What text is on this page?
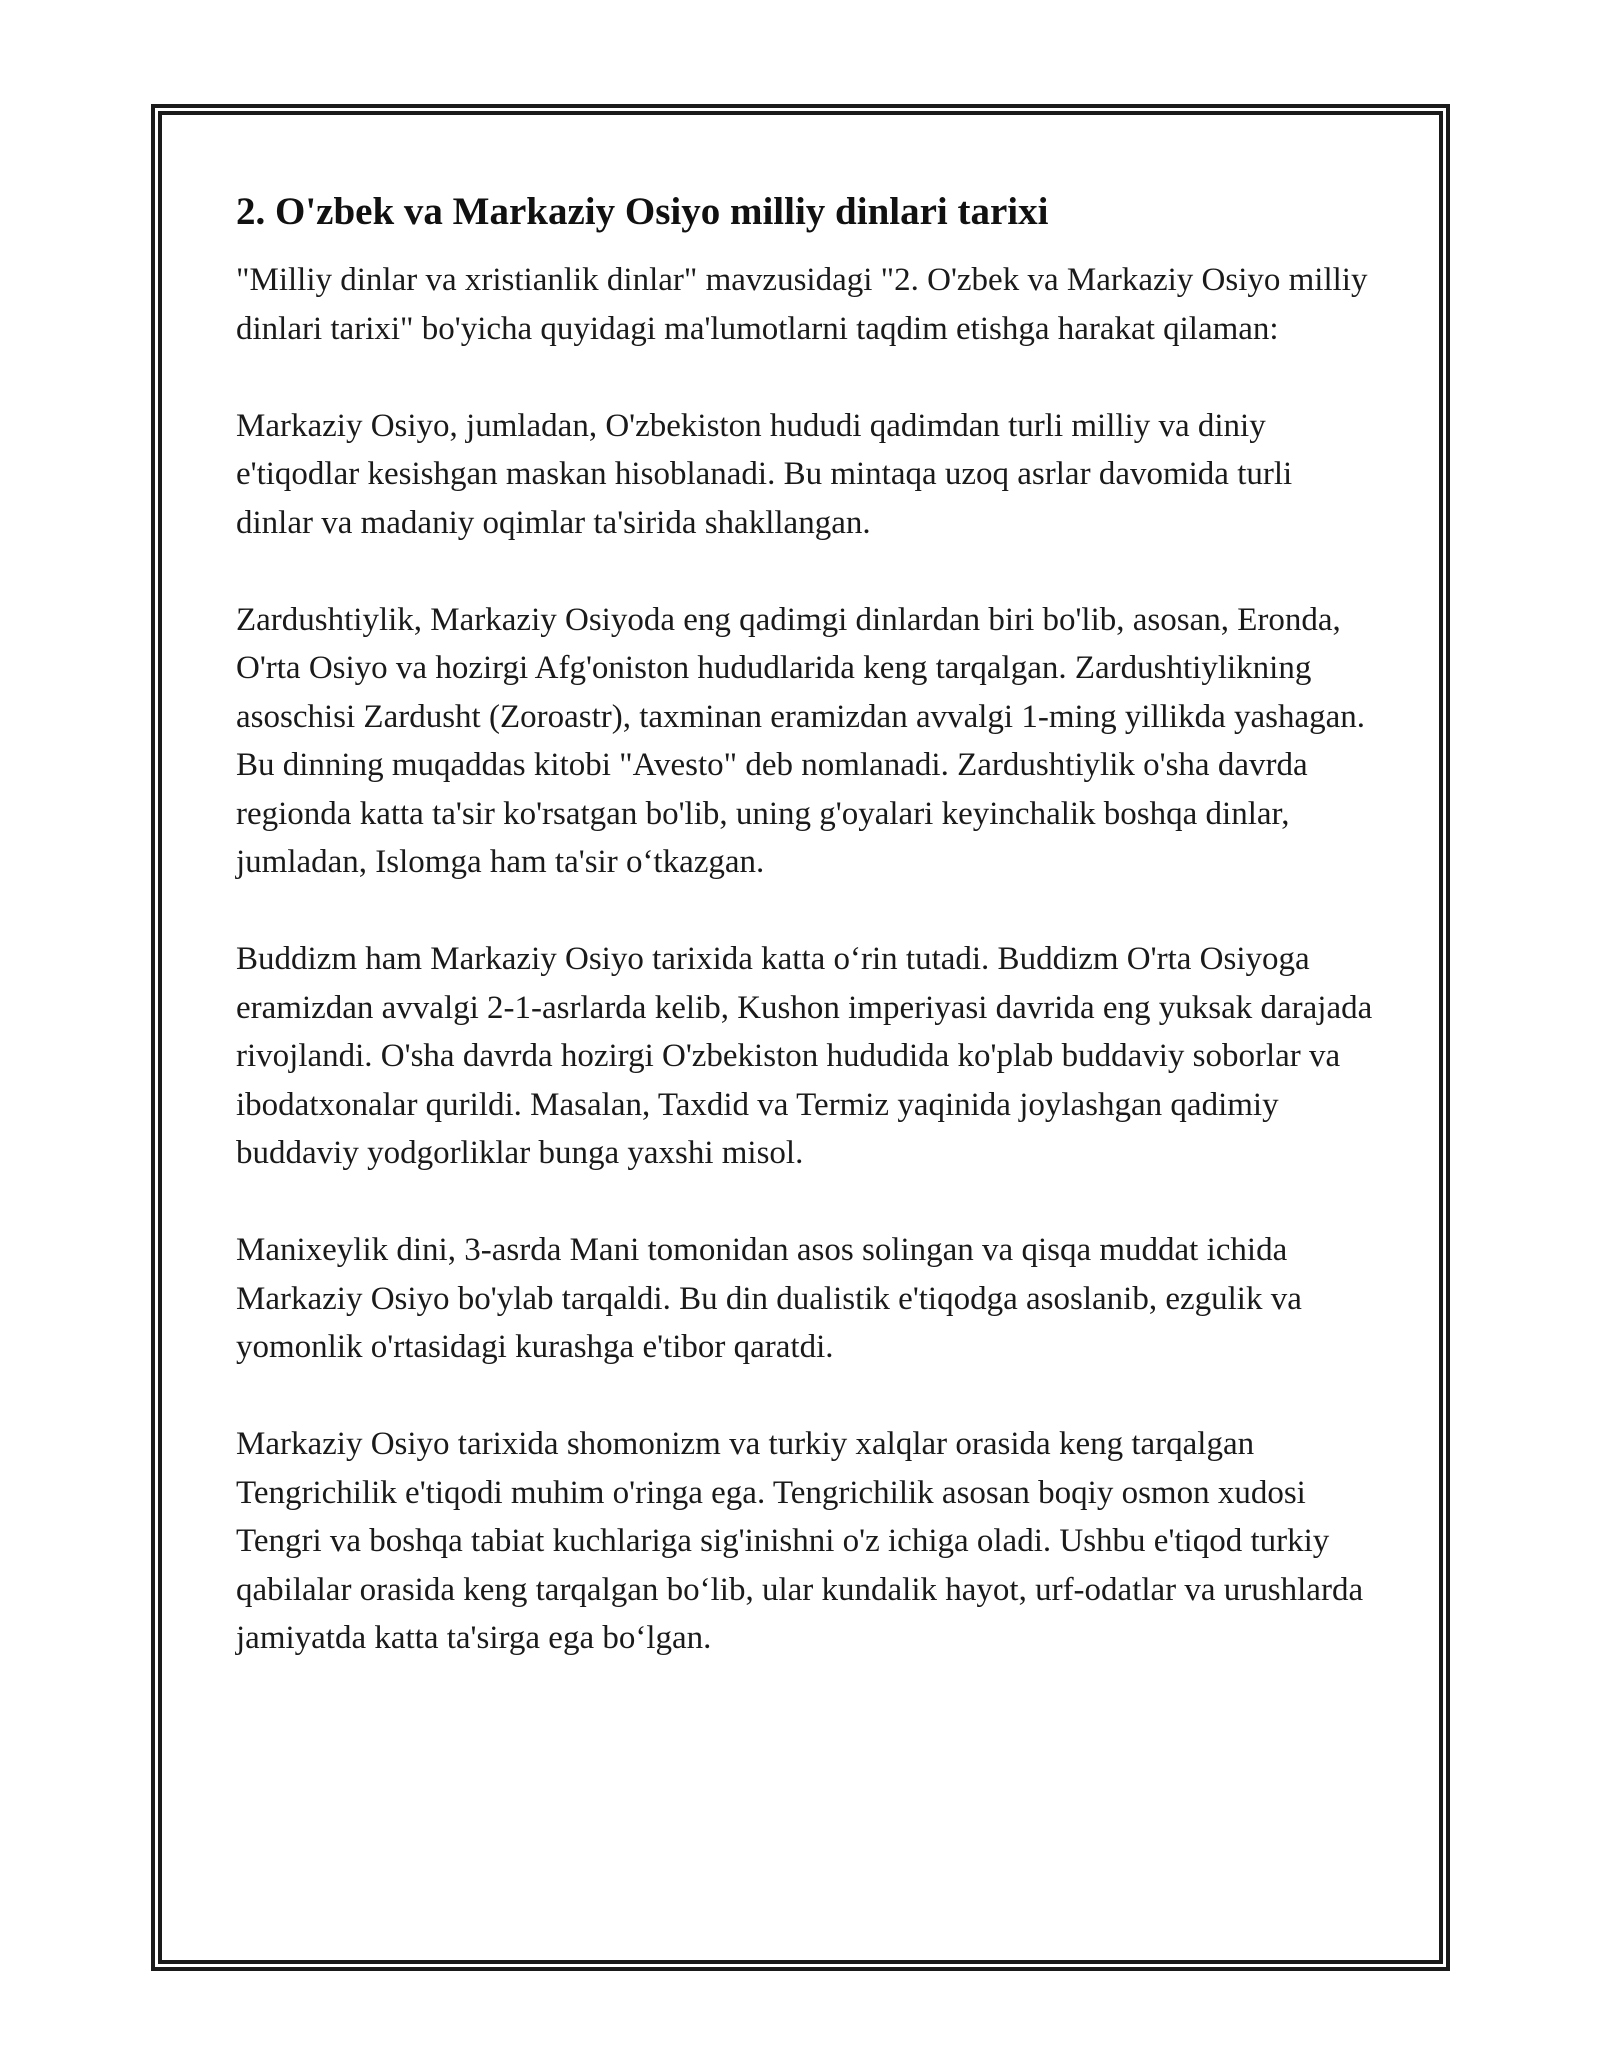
2. O'zbek va Markaziy Osiyo milliy dinlari tarixi

"Milliy dinlar va xristianlik dinlar" mavzusidagi "2. O'zbek va Markaziy Osiyo milliy dinlari tarixi" bo'yicha quyidagi ma'lumotlarni taqdim etishga harakat qilaman:

Markaziy Osiyo, jumladan, O'zbekiston hududi qadimdan turli milliy va diniy e'tiqodlar kesishgan maskan hisoblanadi. Bu mintaqa uzoq asrlar davomida turli dinlar va madaniy oqimlar ta'sirida shakllangan.

Zardushtiylik, Markaziy Osiyoda eng qadimgi dinlardan biri bo'lib, asosan, Eronda, O'rta Osiyo va hozirgi Afg'oniston hududlarida keng tarqalgan. Zardushtiylikning asoschisi Zardusht (Zoroastr), taxminan eramizdan avvalgi 1-ming yillikda yashagan. Bu dinning muqaddas kitobi "Avesto" deb nomlanadi. Zardushtiylik o'sha davrda regionda katta ta'sir ko'rsatgan bo'lib, uning g'oyalari keyinchalik boshqa dinlar, jumladan, Islomga ham ta'sir o‘tkazgan.

Buddizm ham Markaziy Osiyo tarixida katta o‘rin tutadi. Buddizm O'rta Osiyoga eramizdan avvalgi 2-1-asrlarda kelib, Kushon imperiyasi davrida eng yuksak darajada rivojlandi. O'sha davrda hozirgi O'zbekiston hududida ko'plab buddaviy soborlar va ibodatxonalar qurildi. Masalan, Taxdid va Termiz yaqinida joylashgan qadimiy buddaviy yodgorliklar bunga yaxshi misol.

Manixeylik dini, 3-asrda Mani tomonidan asos solingan va qisqa muddat ichida Markaziy Osiyo bo'ylab tarqaldi. Bu din dualistik e'tiqodga asoslanib, ezgulik va yomonlik o'rtasidagi kurashga e'tibor qaratdi.

Markaziy Osiyo tarixida shomonizm va turkiy xalqlar orasida keng tarqalgan Tengrichilik e'tiqodi muhim o'ringa ega. Tengrichilik asosan boqiy osmon xudosi Tengri va boshqa tabiat kuchlariga sig'inishni o'z ichiga oladi. Ushbu e'tiqod turkiy qabilalar orasida keng tarqalgan bo‘lib, ular kundalik hayot, urf-odatlar va urushlarda jamiyatda katta ta'sirga ega bo‘lgan.
